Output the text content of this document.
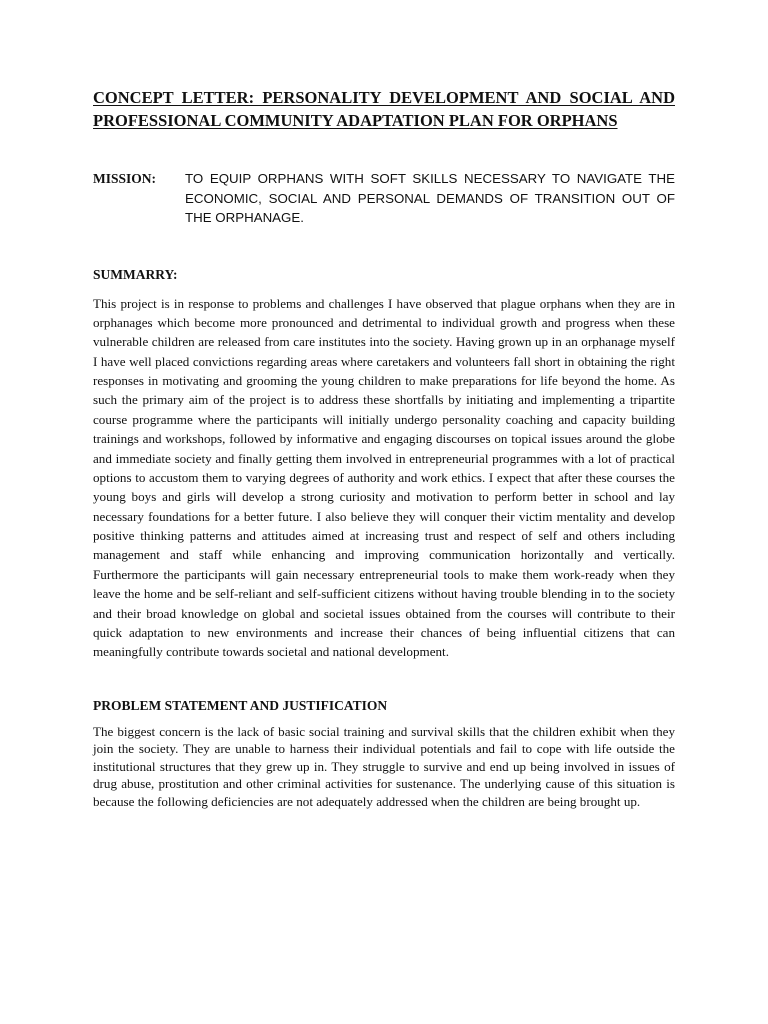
CONCEPT LETTER: PERSONALITY DEVELOPMENT AND SOCIAL AND PROFESSIONAL COMMUNITY ADAPTATION PLAN FOR ORPHANS
MISSION:	TO EQUIP ORPHANS WITH SOFT SKILLS NECESSARY TO NAVIGATE THE ECONOMIC, SOCIAL AND PERSONAL DEMANDS OF TRANSITION OUT OF THE ORPHANAGE.
SUMMARRY:

This project is in response to problems and challenges I have observed that plague orphans when they are in orphanages which become more pronounced and detrimental to individual growth and progress when these vulnerable children are released from care institutes into the society. Having grown up in an orphanage myself I have well placed convictions regarding areas where caretakers and volunteers fall short in obtaining the right responses in motivating and grooming the young children to make preparations for life beyond the home. As such the primary aim of the project is to address these shortfalls by initiating and implementing a tripartite course programme where the participants will initially undergo personality coaching and capacity building trainings and workshops, followed by informative and engaging discourses on topical issues around the globe and immediate society and finally getting them involved in entrepreneurial programmes with a lot of practical options to accustom them to varying degrees of authority and work ethics. I expect that after these courses the young boys and girls will develop a strong curiosity and motivation to perform better in school and lay necessary foundations for a better future. I also believe they will conquer their victim mentality and develop positive thinking patterns and attitudes aimed at increasing trust and respect of self and others including management and staff while enhancing and improving communication horizontally and vertically. Furthermore the participants will gain necessary entrepreneurial tools to make them work-ready when they leave the home and be self-reliant and self-sufficient citizens without having trouble blending in to the society and their broad knowledge on global and societal issues obtained from the courses will contribute to their quick adaptation to new environments and increase their chances of being influential citizens that can meaningfully contribute towards societal and national development.

PROBLEM STATEMENT AND JUSTIFICATION

The biggest concern is the lack of basic social training and survival skills that the children exhibit when they join the society. They are unable to harness their individual potentials and fail to cope with life outside the institutional structures that they grew up in. They struggle to survive and end up being involved in issues of drug abuse, prostitution and other criminal activities for sustenance. The underlying cause of this situation is because the following deficiencies are not adequately addressed when the children are being brought up.
